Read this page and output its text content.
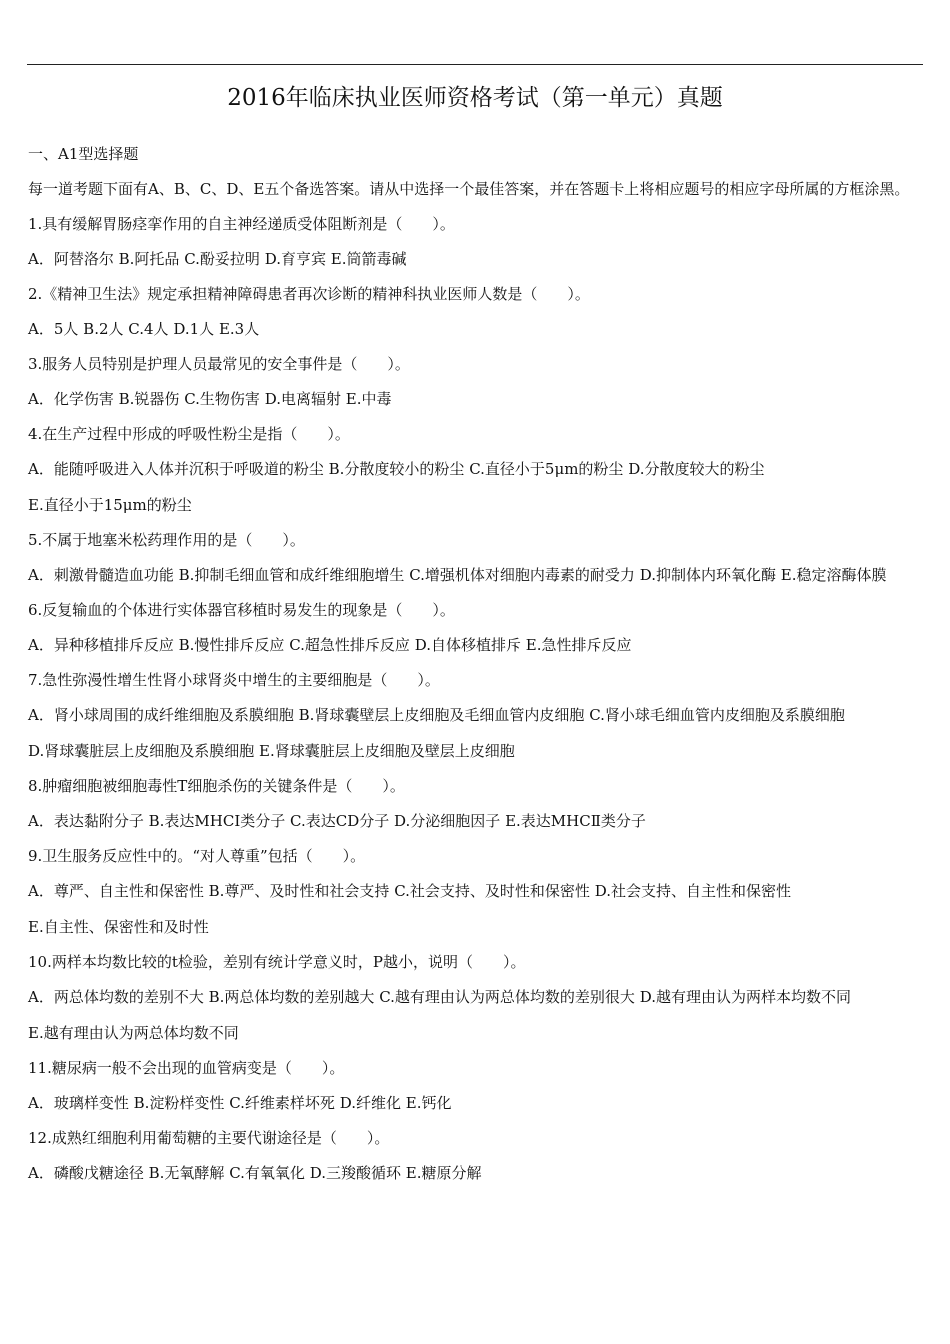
2016年临床执业医师资格考试（第一单元）真题
一、A1型选择题
每一道考题下面有A、B、C、D、E五个备选答案。请从中选择一个最佳答案，并在答题卡上将相应题号的相应字母所属的方框涂黑。
1.具有缓解胃肠痉挛作用的自主神经递质受体阻断剂是（　　）。
A．阿替洛尔 B.阿托品 C.酚妥拉明 D.育亨宾 E.筒箭毒碱
2.《精神卫生法》规定承担精神障碍患者再次诊断的精神科执业医师人数是（　　）。
A．5人 B.2人 C.4人 D.1人 E.3人
3.服务人员特别是护理人员最常见的安全事件是（　　）。
A．化学伤害 B.锐器伤 C.生物伤害 D.电离辐射 E.中毒
4.在生产过程中形成的呼吸性粉尘是指（　　）。
A．能随呼吸进入人体并沉积于呼吸道的粉尘 B.分散度较小的粉尘 C.直径小于5μm的粉尘 D.分散度较大的粉尘 E.直径小于15μm的粉尘
5.不属于地塞米松药理作用的是（　　）。
A．刺激骨髓造血功能 B.抑制毛细血管和成纤维细胞增生 C.增强机体对细胞内毒素的耐受力 D.抑制体内环氧化酶 E.稳定溶酶体膜
6.反复输血的个体进行实体器官移植时易发生的现象是（　　）。
A．异种移植排斥反应 B.慢性排斥反应 C.超急性排斥反应 D.自体移植排斥 E.急性排斥反应
7.急性弥漫性增生性肾小球肾炎中增生的主要细胞是（　　）。
A．肾小球周围的成纤维细胞及系膜细胞 B.肾球囊壁层上皮细胞及毛细血管内皮细胞 C.肾小球毛细血管内皮细胞及系膜细胞 D.肾球囊脏层上皮细胞及系膜细胞 E.肾球囊脏层上皮细胞及壁层上皮细胞
8.肿瘤细胞被细胞毒性T细胞杀伤的关键条件是（　　）。
A．表达黏附分子 B.表达MHCⅠ类分子 C.表达CD分子 D.分泌细胞因子 E.表达MHCⅡ类分子
9.卫生服务反应性中的。“对人尊重”包括（　　）。
A．尊严、自主性和保密性 B.尊严、及时性和社会支持 C.社会支持、及时性和保密性 D.社会支持、自主性和保密性 E.自主性、保密性和及时性
10.两样本均数比较的t检验，差别有统计学意义时，P越小，说明（　　）。
A．两总体均数的差别不大 B.两总体均数的差别越大 C.越有理由认为两总体均数的差别很大 D.越有理由认为两样本均数不同 E.越有理由认为两总体均数不同
11.糖尿病一般不会出现的血管病变是（　　）。
A．玻璃样变性 B.淀粉样变性 C.纤维素样坏死 D.纤维化 E.钙化
12.成熟红细胞利用葡萄糖的主要代谢途径是（　　）。
A．磷酸戊糖途径 B.无氧酵解 C.有氧氧化 D.三羧酸循环 E.糖原分解
